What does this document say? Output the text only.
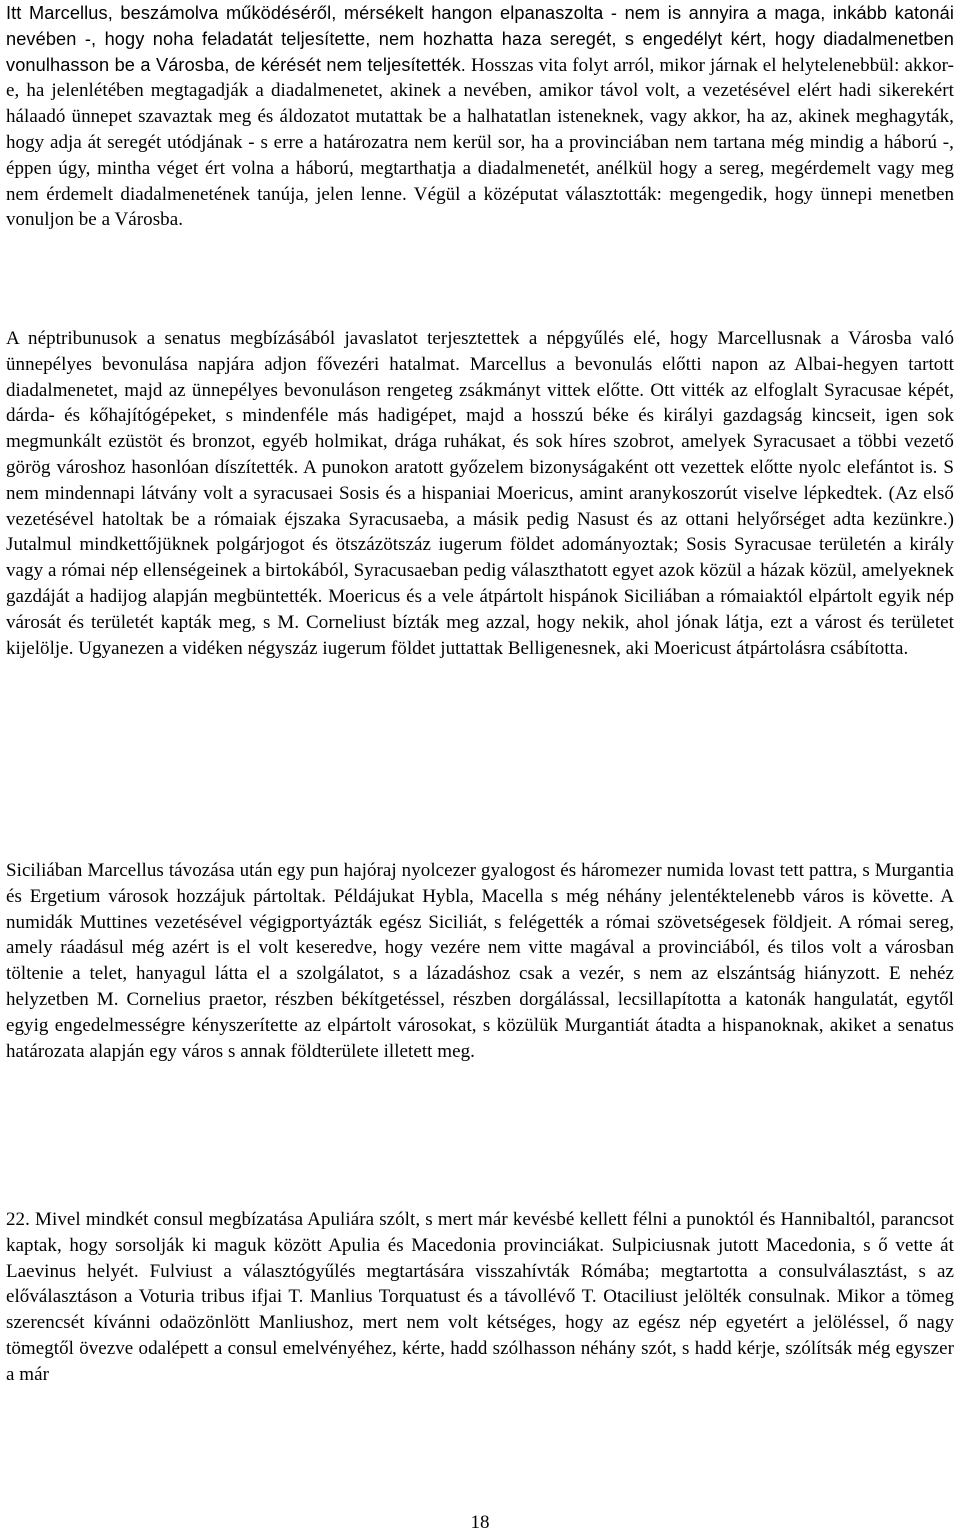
Itt Marcellus, beszámolva működéséről, mérsékelt hangon elpanaszolta - nem is annyira a maga, inkább katonái nevében -, hogy noha feladatát teljesítette, nem hozhatta haza seregét, s engedélyt kért, hogy diadalmenetben vonulhasson be a Városba, de kérését nem teljesítették. Hosszas vita folyt arról, mikor járnak el helytelenebbül: akkor-e, ha jelenlétében megtagadják a diadalmenetet, akinek a nevében, amikor távol volt, a vezetésével elért hadi sikerekért hálaadó ünnepet szavaztak meg és áldozatot mutattak be a halhatatlan isteneknek, vagy akkor, ha az, akinek meghagyták, hogy adja át seregét utódjának - s erre a határozatra nem kerül sor, ha a provinciában nem tartana még mindig a háború -, éppen úgy, mintha véget ért volna a háború, megtarthatja a diadalmenetét, anélkül hogy a sereg, megérdemelt vagy meg nem érdemelt diadalmenetének tanúja, jelen lenne. Végül a középutat választották: megengedik, hogy ünnepi menetben vonuljon be a Városba.

A néptribunusok a senatus megbízásából javaslatot terjesztettek a népgyűlés elé, hogy Marcellusnak a Városba való ünnepélyes bevonulása napjára adjon fővezéri hatalmat. Marcellus a bevonulás előtti napon az Albai-hegyen tartott diadalmenetet, majd az ünnepélyes bevonuláson rengeteg zsákmányt vittek előtte. Ott vitték az elfoglalt Syracusae képét, dárda- és kőhajítógépeket, s mindenféle más hadigépet, majd a hosszú béke és királyi gazdagság kincseit, igen sok megmunkált ezüstöt és bronzot, egyéb holmikat, drága ruhákat, és sok híres szobrot, amelyek Syracusaet a többi vezető görög városhoz hasonlóan díszítették. A punokon aratott győzelem bizonyságaként ott vezettek előtte nyolc elefántot is. S nem mindennapi látvány volt a syracusaei Sosis és a hispaniai Moericus, amint aranykoszorút viselve lépkedtek. (Az első vezetésével hatoltak be a rómaiak éjszaka Syracusaeba, a másik pedig Nasust és az ottani helyőrséget adta kezünkre.) Jutalmul mindkettőjüknek polgárjogot és ötszázötszáz iugerum földet adományoztak; Sosis Syracusae területén a király vagy a római nép ellenségeinek a birtokából, Syracusaeban pedig választhatott egyet azok közül a házak közül, amelyeknek gazdáját a hadijog alapján megbüntették. Moericus és a vele átpártolt hispánok Siciliában a rómaiaktól elpártolt egyik nép városát és területét kapták meg, s M. Corneliust bízták meg azzal, hogy nekik, ahol jónak látja, ezt a várost és területet kijelölje. Ugyanezen a vidéken négyszáz iugerum földet juttattak Belligenesnek, aki Moericust átpártolásra csábította.

Siciliában Marcellus távozása után egy pun hajóraj nyolcezer gyalogost és háromezer numida lovast tett pattra, s Murgantia és Ergetium városok hozzájuk pártoltak. Példájukat Hybla, Macella s még néhány jelentéktelenebb város is követte. A numidák Muttines vezetésével végigportyázták egész Siciliát, s felégették a római szövetségesek földjeit. A római sereg, amely ráadásul még azért is el volt keseredve, hogy vezére nem vitte magával a provinciából, és tilos volt a városban töltenie a telet, hanyagul látta el a szolgálatot, s a lázadáshoz csak a vezér, s nem az elszántság hiányzott. E nehéz helyzetben M. Cornelius praetor, részben békítgetéssel, részben dorgálással, lecsillapította a katonák hangulatát, egytől egyig engedelmességre kényszerítette az elpártolt városokat, s közülük Murgantiát átadta a hispanoknak, akiket a senatus határozata alapján egy város s annak földterülete illetett meg.

22. Mivel mindkét consul megbízatása Apuliára szólt, s mert már kevésbé kellett félni a punoktól és Hannibaltól, parancsot kaptak, hogy sorsolják ki maguk között Apulia és Macedonia provinciákat. Sulpiciusnak jutott Macedonia, s ő vette át Laevinus helyét. Fulviust a választógyűlés megtartására visszahívták Rómába; megtartotta a consulválasztást, s az előválasztáson a Voturia tribus ifjai T. Manlius Torquatust és a távollévő T. Otaciliust jelölték consulnak. Mikor a tömeg szerencsét kívánni odaözönlött Manliushoz, mert nem volt kétséges, hogy az egész nép egyetért a jelöléssel, ő nagy tömegtől övezve odalépett a consul emelvényéhez, kérte, hadd szólhasson néhány szót, s hadd kérje, szólítsák még egyszer a már

18
